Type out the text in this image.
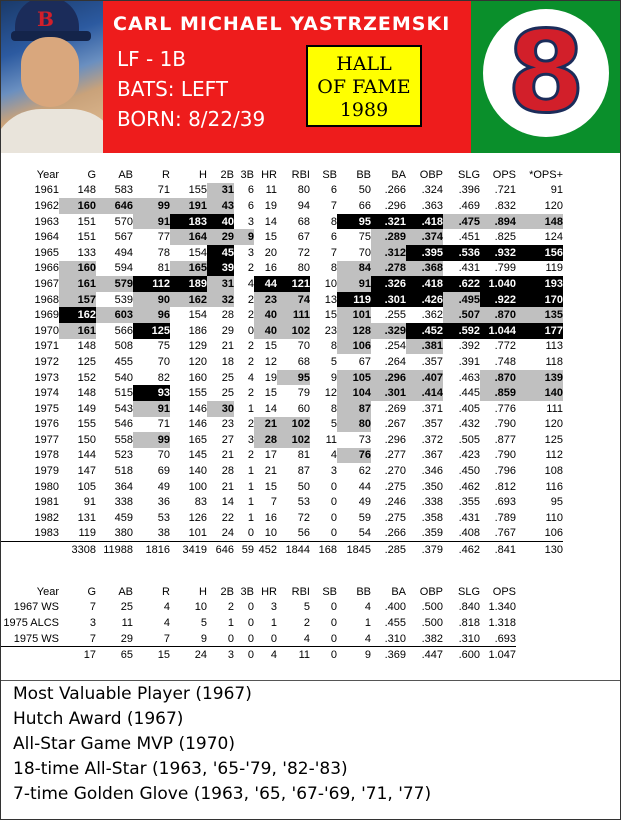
B	CARL MICHAEL YASTRZEMSKI
LF - 1B
BATS: LEFT
BORN: 8/22/39
HALL
OF FAME
1989 8
Year	G	AB	R	H	2B	3B	HR	RBI	SB	BB	BA	OBP	SLG	OPS	*OPS+
1961	148	583	71	155	31	6	11	80	6	50	.266	.324	.396	.721	91
1962	160	646	99	191	43	6	19	94	7	66	.296	.363	.469	.832	120
1963	151	570	91	183	40	3	14	68	8	95	.321	.418	.475	.894	148
1964	151	567	77	164	29	9	15	67	6	75	.289	.374	.451	.825	124
1965	133	494	78	154	45	3	20	72	7	70	.312	.395	.536	.932	156
1966	160	594	81	165	39	2	16	80	8	84	.278	.368	.431	.799	119
1967	161	579	112	189	31	4	44	121	10	91	.326	.418	.622	1.040	193
1968	157	539	90	162	32	2	23	74	13	119	.301	.426	.495	.922	170
1969	162	603	96	154	28	2	40	111	15	101	.255	.362	.507	.870	135
1970	161	566	125	186	29	0	40	102	23	128	.329	.452	.592	1.044	177
1971	148	508	75	129	21	2	15	70	8	106	.254	.381	.392	.772	113
1972	125	455	70	120	18	2	12	68	5	67	.264	.357	.391	.748	118
1973	152	540	82	160	25	4	19	95	9	105	.296	.407	.463	.870	139
1974	148	515	93	155	25	2	15	79	12	104	.301	.414	.445	.859	140
1975	149	543	91	146	30	1	14	60	8	87	.269	.371	.405	.776	111
1976	155	546	71	146	23	2	21	102	5	80	.267	.357	.432	.790	120
1977	150	558	99	165	27	3	28	102	11	73	.296	.372	.505	.877	125
1978	144	523	70	145	21	2	17	81	4	76	.277	.367	.423	.790	112
1979	147	518	69	140	28	1	21	87	3	62	.270	.346	.450	.796	108
1980	105	364	49	100	21	1	15	50	0	44	.275	.350	.462	.812	116
1981	91	338	36	83	14	1	7	53	0	49	.246	.338	.355	.693	95
1982	131	459	53	126	22	1	16	72	0	59	.275	.358	.431	.789	110
1983	119	380	38	101	24	0	10	56	0	54	.266	.359	.408	.767	106
	3308	11988	1816	3419	646	59	452	1844	168	1845	.285	.379	.462	.841	130
Year	G	AB	R	H	2B	3B	HR	RBI	SB	BB	BA	OBP	SLG	OPS
1967 WS	7	25	4	10	2	0	3	5	0	4	.400	.500	.840	1.340
1975 ALCS	3	11	4	5	1	0	1	2	0	1	.455	.500	.818	1.318
1975 WS	7	29	7	9	0	0	0	4	0	4	.310	.382	.310	.693
	17	65	15	24	3	0	4	11	0	9	.369	.447	.600	1.047
Most Valuable Player (1967)
Hutch Award (1967)
All-Star Game MVP (1970)
18-time All-Star (1963, '65-'79, '82-'83)
7-time Golden Glove (1963, '65, '67-'69, '71, '77)
